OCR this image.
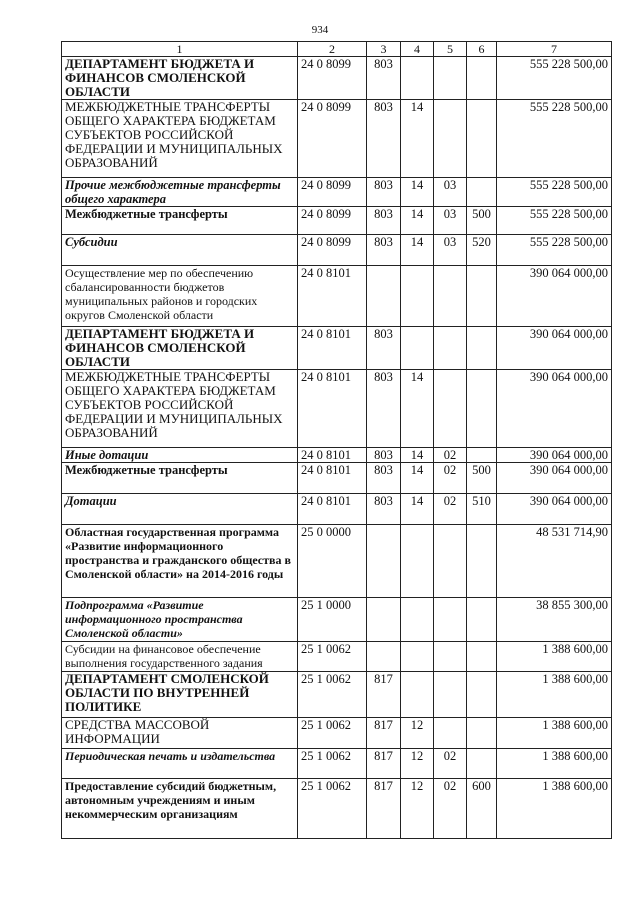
934
1	2	3	4	5	6	7
ДЕПАРТАМЕНТ БЮДЖЕТА И ФИНАНСОВ СМОЛЕНСКОЙ ОБЛАСТИ	24 0 8099	803				555 228 500,00
МЕЖБЮДЖЕТНЫЕ ТРАНСФЕРТЫ ОБЩЕГО ХАРАКТЕРА БЮДЖЕТАМ СУБЪЕКТОВ РОССИЙСКОЙ ФЕДЕРАЦИИ И МУНИЦИПАЛЬНЫХ ОБРАЗОВАНИЙ	24 0 8099	803	14			555 228 500,00
Прочие межбюджетные трансферты общего характера	24 0 8099	803	14	03		555 228 500,00
Межбюджетные трансферты	24 0 8099	803	14	03	500	555 228 500,00
Субсидии	24 0 8099	803	14	03	520	555 228 500,00
Осуществление мер по обеспечению сбалансированности бюджетов муниципальных районов и городских округов Смоленской области	24 0 8101					390 064 000,00
ДЕПАРТАМЕНТ БЮДЖЕТА И ФИНАНСОВ СМОЛЕНСКОЙ ОБЛАСТИ	24 0 8101	803				390 064 000,00
МЕЖБЮДЖЕТНЫЕ ТРАНСФЕРТЫ ОБЩЕГО ХАРАКТЕРА БЮДЖЕТАМ СУБЪЕКТОВ РОССИЙСКОЙ ФЕДЕРАЦИИ И МУНИЦИПАЛЬНЫХ ОБРАЗОВАНИЙ	24 0 8101	803	14			390 064 000,00
Иные дотации	24 0 8101	803	14	02		390 064 000,00
Межбюджетные трансферты	24 0 8101	803	14	02	500	390 064 000,00
Дотации	24 0 8101	803	14	02	510	390 064 000,00
Областная государственная программа «Развитие информационного пространства и гражданского общества в Смоленской области» на 2014-2016 годы	25 0 0000					48 531 714,90
Подпрограмма «Развитие информационного пространства Смоленской области»	25 1 0000					38 855 300,00
Субсидии на финансовое обеспечение выполнения государственного задания	25 1 0062					1 388 600,00
ДЕПАРТАМЕНТ СМОЛЕНСКОЙ ОБЛАСТИ ПО ВНУТРЕННЕЙ ПОЛИТИКЕ	25 1 0062	817				1 388 600,00
СРЕДСТВА МАССОВОЙ ИНФОРМАЦИИ	25 1 0062	817	12			1 388 600,00
Периодическая печать и издательства	25 1 0062	817	12	02		1 388 600,00
Предоставление субсидий бюджетным, автономным учреждениям и иным некоммерческим организациям	25 1 0062	817	12	02	600	1 388 600,00
